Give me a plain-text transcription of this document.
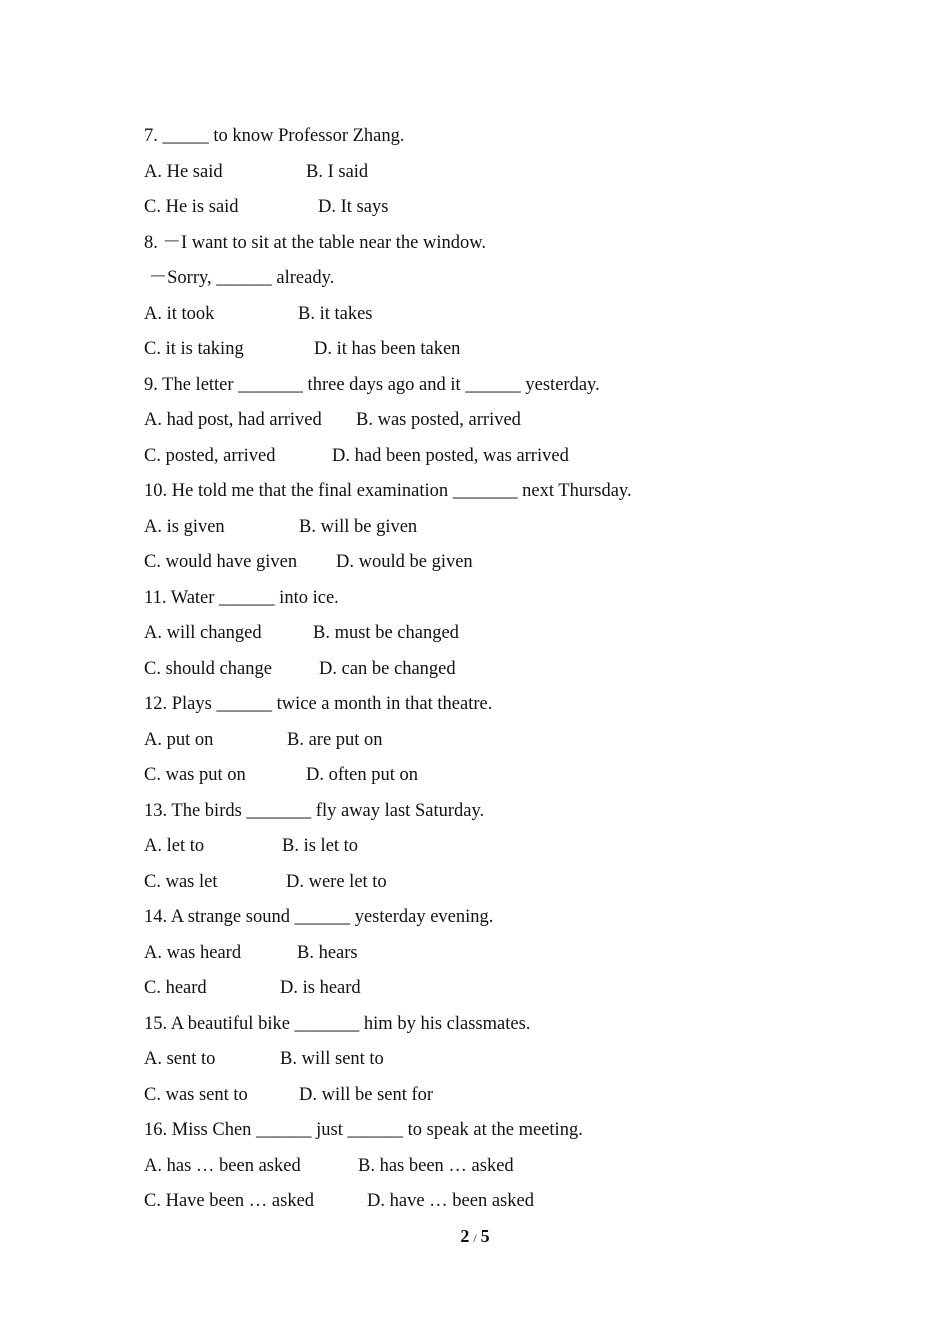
7. _____ to know Professor Zhang.
A. He said	B. I said
C. He is said	D. It says
8. －I want to sit at the table near the window.
－Sorry, ______ already.
A. it took	B. it takes
C. it is taking	D. it has been taken
9. The letter _______ three days ago and it ______ yesterday.
A. had post, had arrived	B. was posted, arrived
C. posted, arrived	D. had been posted, was arrived
10. He told me that the final examination _______ next Thursday.
A. is given	B. will be given
C. would have given	D. would be given
11. Water ______ into ice.
A. will changed	B. must be changed
C. should change	D. can be changed
12. Plays ______ twice a month in that theatre.
A. put on	B. are put on
C. was put on	D. often put on
13. The birds _______ fly away last Saturday.
A. let to	B. is let to
C. was let	D. were let to
14. A strange sound ______ yesterday evening.
A. was heard	B. hears
C. heard	D. is heard
15. A beautiful bike _______ him by his classmates.
A. sent to	B. will sent to
C. was sent to	D. will be sent for
16. Miss Chen ______ just ______ to speak at the meeting.
A. has … been asked	B. has been … asked
C. Have been … asked	D. have … been asked
2 / 5
